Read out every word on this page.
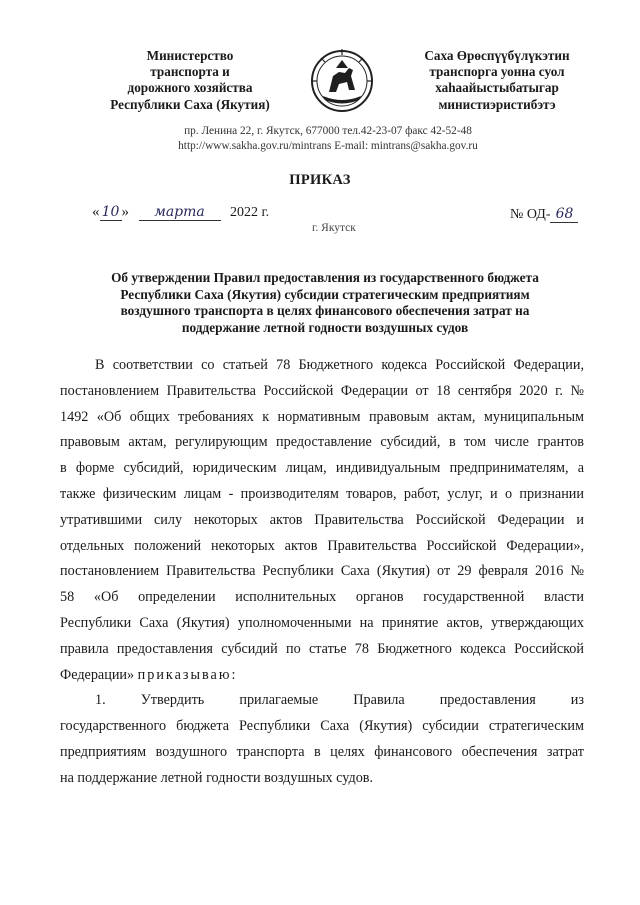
Министерство
транспорта и
дорожного хозяйства
Республики Саха (Якутия)
Саха Өрөспүүбүлүкэтин
транспорга уонна суол
хаhаайыстыбатыгар
министиэристибэтэ
пр. Ленина 22, г. Якутск, 677000 тел.42-23-07 факс 42-52-48
http://www.sakha.gov.ru/mintrans E-mail: mintrans@sakha.gov.ru
ПРИКАЗ
« 10 » марта 2022 г.
г. Якутск
№ ОД- 68
Об утверждении Правил предоставления из государственного бюджета
Республики Саха (Якутия) субсидии стратегическим предприятиям
воздушного транспорта в целях финансового обеспечения затрат на
поддержание летной годности воздушных судов
В соответствии со статьей 78 Бюджетного кодекса Российской Федерации,
постановлением Правительства Российской Федерации от 18 сентября 2020 г. №
1492 «Об общих требованиях к нормативным правовым актам, муниципальным
правовым актам, регулирующим предоставление субсидий, в том числе грантов
в форме субсидий, юридическим лицам, индивидуальным предпринимателям, а
также физическим лицам - производителям товаров, работ, услуг, и о признании
утратившими силу некоторых актов Правительства Российской Федерации и
отдельных положений некоторых актов Правительства Российской Федерации»,
постановлением Правительства Республики Саха (Якутия) от 29 февраля 2016 №
58 «Об определении исполнительных органов государственной власти
Республики Саха (Якутия) уполномоченными на принятие актов, утверждающих
правила предоставления субсидий по статье 78 Бюджетного кодекса Российской
Федерации» приказываю:
1.      Утвердить      прилагаемые      Правила      предоставления      из
государственного бюджета Республики Саха (Якутия) субсидии стратегическим
предприятиям воздушного транспорта в целях финансового обеспечения затрат
на поддержание летной годности воздушных судов.
